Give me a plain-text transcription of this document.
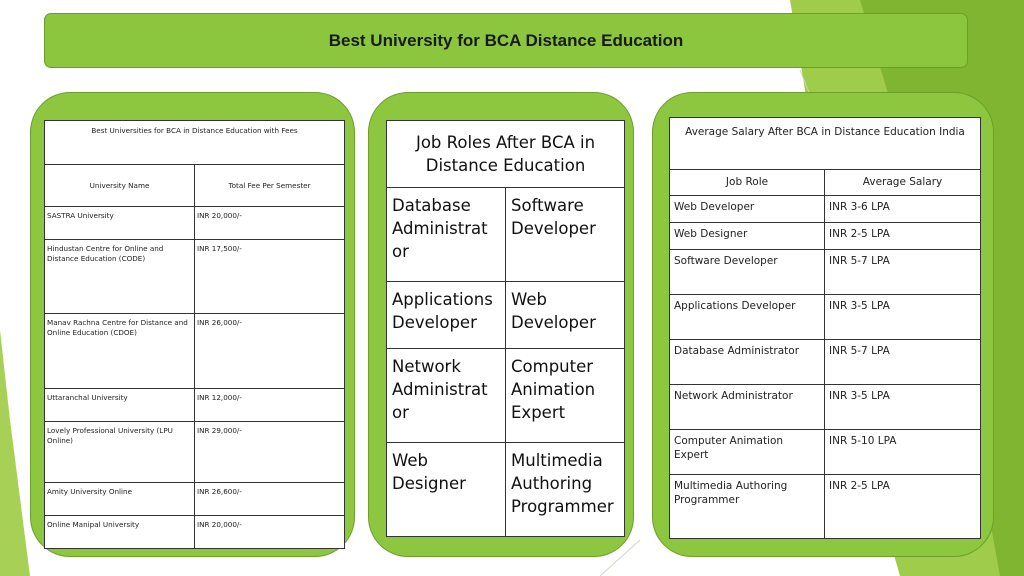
Best University for BCA Distance Education
Best Universities for BCA in Distance Education with Fees	
University Name	Total Fee Per Semester
SASTRA University	INR 20,000/-
Hindustan Centre for Online and Distance Education (CODE)	INR 17,500/-
Manav Rachna Centre for Distance and Online Education (CDOE)	INR 26,000/-
Uttaranchal University	INR 12,000/-
Lovely Professional University (LPU Online)	INR 29,000/-
Amity University Online	INR 26,600/-
Online Manipal University	INR 20,000/-
Job Roles After BCA in Distance Education	
Database Administrat or	Software Developer
Applications Developer	Web Developer
Network Administrat or	Computer Animation Expert
Web Designer	Multimedia Authoring Programmer
Average Salary After BCA in Distance Education India	
Job Role	Average Salary
Web Developer	INR 3-6 LPA
Web Designer	INR 2-5 LPA
Software Developer	INR 5-7 LPA
Applications Developer	INR 3-5 LPA
Database Administrator	INR 5-7 LPA
Network Administrator	INR 3-5 LPA
Computer Animation Expert	INR 5-10 LPA
Multimedia Authoring Programmer	INR 2-5 LPA
